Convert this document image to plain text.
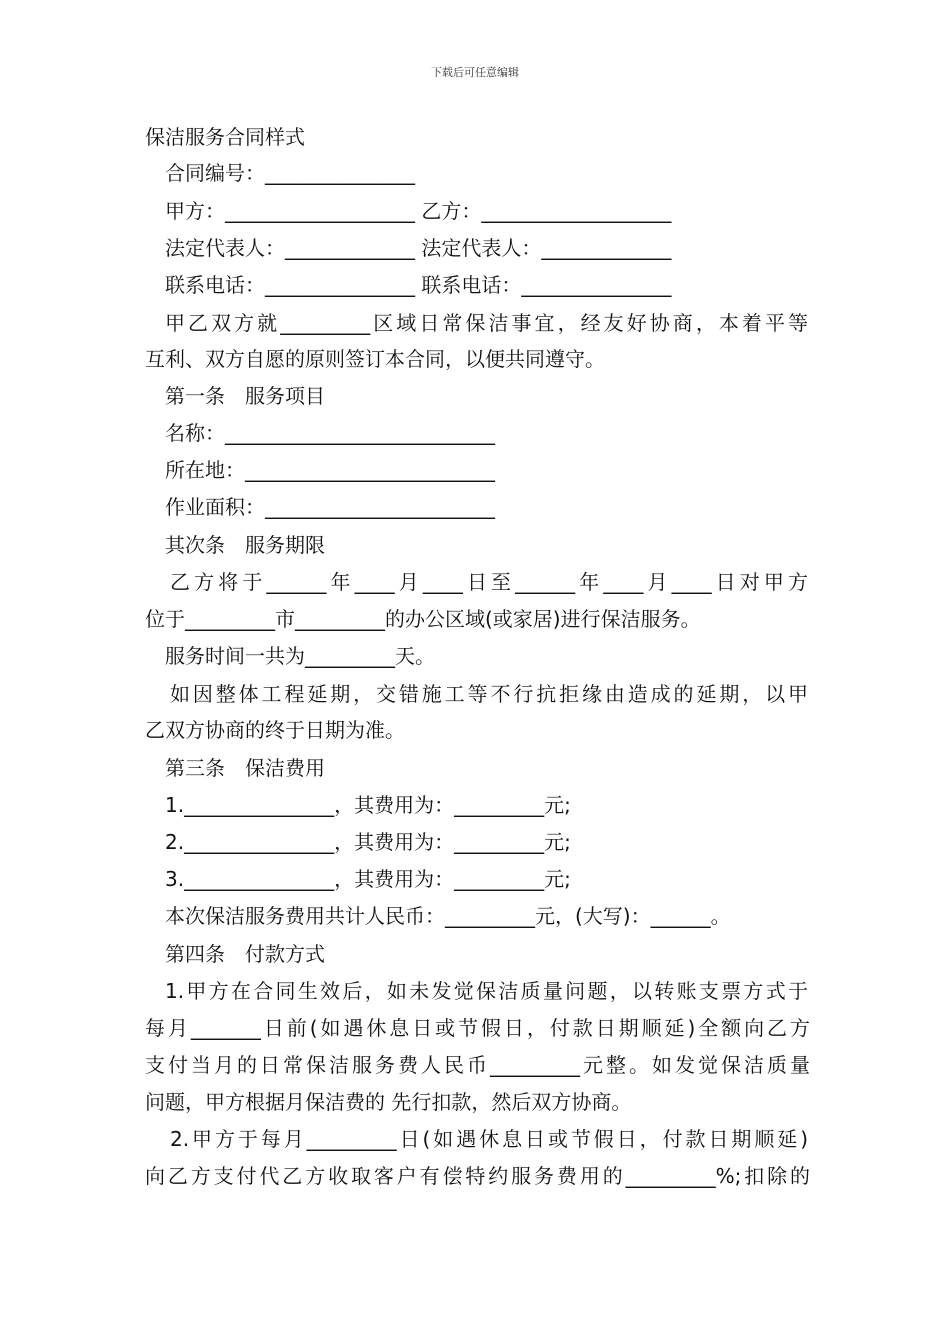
下载后可任意编辑
保洁服务合同样式
合同编号：_______________
甲方：___________________ 乙方：___________________
法定代表人：_____________ 法定代表人：_____________
联系电话：_______________ 联系电话：_______________
甲乙双方就_________区域日常保洁事宜，经友好协商，本着平等
互利、双方自愿的原则签订本合同，以便共同遵守。
第一条　服务项目
名称：___________________________
所在地：_________________________
作业面积：_______________________
其次条　服务期限
乙方将于______年____月____日至______年____月____日对甲方
位于_________市_________的办公区域(或家居)进行保洁服务。
服务时间一共为_________天。
如因整体工程延期，交错施工等不行抗拒缘由造成的延期，以甲
乙双方协商的终于日期为准。
第三条　保洁费用
1._______________，其费用为：_________元;
2._______________，其费用为：_________元;
3._______________，其费用为：_________元;
本次保洁服务费用共计人民币：_________元，(大写)：______。
第四条　付款方式
1.甲方在合同生效后，如未发觉保洁质量问题，以转账支票方式于
每月_______日前(如遇休息日或节假日，付款日期顺延)全额向乙方
支付当月的日常保洁服务费人民币_________元整。如发觉保洁质量
问题，甲方根据月保洁费的 先行扣款，然后双方协商。
2.甲方于每月_________日(如遇休息日或节假日，付款日期顺延)
向乙方支付代乙方收取客户有偿特约服务费用的_________%;扣除的
